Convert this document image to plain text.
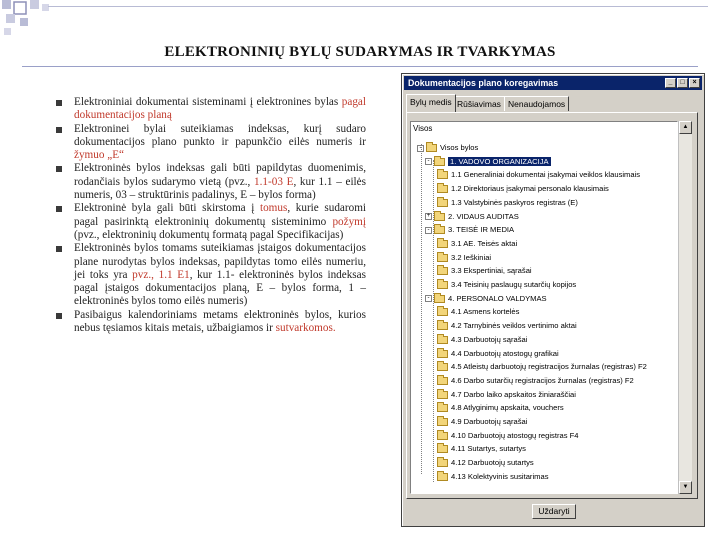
ELEKTRONINIŲ BYLŲ SUDARYMAS IR TVARKYMAS
Elektroniniai dokumentai sisteminami į elektronines bylas pagal dokumentacijos planą
Elektroninei bylai suteikiamas indeksas, kurį sudaro dokumentacijos plano punkto ir papunkčio eilės numeris ir žymuo „E“
Elektroninės bylos indeksas gali būti papildytas duomenimis, rodančiais bylos sudarymo vietą (pvz., 1.1-03 E, kur 1.1 – eilės numeris, 03 – struktūrinis padalinys, E – bylos forma)
Elektroninė byla gali būti skirstoma į tomus, kurie sudaromi pagal pasirinktą elektroninių dokumentų sisteminimo požymį (pvz., elektroninių dokumentų formatą pagal Specifikacijas)
Elektroninės bylos tomams suteikiamas įstaigos dokumentacijos plane nurodytas bylos indeksas, papildytas tomo eilės numeriu, jei toks yra pvz., 1.1 E1, kur 1.1- elektroninės bylos indeksas pagal įstaigos dokumentacijos planą, E – bylos forma, 1 – elektroninės bylos tomo eilės numeris)
Pasibaigus kalendoriniams metams elektroninės bylos, kurios nebus tęsiamos kitais metais, užbaigiamos ir sutvarkomos.
Dokumentacijos plano koregavimas	_	□	×
Bylų medis Rūšiavimas Nenaudojamos
Visos
- Visos bylos
-	1. VADOVO ORGANIZACIJA
1.1 Generaliniai dokumentai įsakymai veiklos klausimais
1.2 Direktoriaus įsakymai personalo klausimais
1.3 Valstybinės paskyros registras (E)
+ 2. VIDAUS AUDITAS
- 3. TEISĖ IR MEDIA
3.1 AE. Teisės aktai
3.2 Ieškiniai
3.3 Ekspertiniai, sąrašai
3.4 Teisinių paslaugų sutarčių kopijos
- 4. PERSONALO VALDYMAS
4.1 Asmens kortelės
4.2 Tarnybinės veiklos vertinimo aktai
4.3 Darbuotojų sąrašai
4.4 Darbuotojų atostogų grafikai
4.5 Atleistų darbuotojų registracijos žurnalas (registras) F2
4.6 Darbo sutarčių registracijos žurnalas (registras) F2
4.7 Darbo laiko apskaitos žiniaraščiai
4.8 Atlyginimų apskaita, vouchers
4.9 Darbuotojų sąrašai
4.10 Darbuotojų atostogų registras F4
4.11 Sutartys, sutartys
4.12 Darbuotojų sutartys
4.13 Kolektyvinis susitarimas
▲
▼
Uždaryti
